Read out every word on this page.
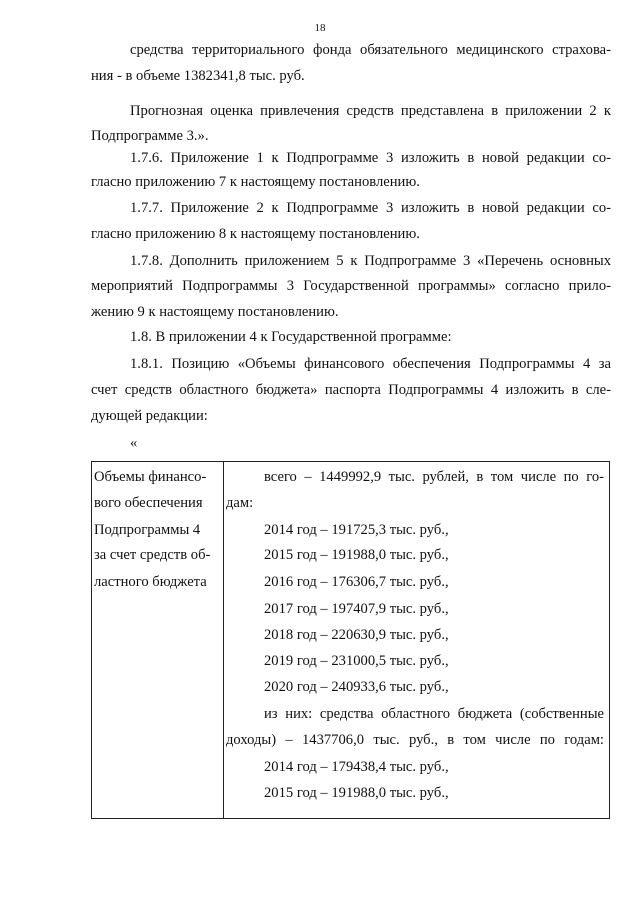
18
средства территориального фонда обязательного медицинского страхова-
ния - в объеме 1382341,8 тыс. руб.
Прогнозная оценка привлечения средств представлена в приложении 2 к
Подпрограмме 3.».
1.7.6. Приложение 1 к Подпрограмме 3 изложить в новой редакции со-
гласно приложению 7 к настоящему постановлению.
1.7.7. Приложение 2 к Подпрограмме 3 изложить в новой редакции со-
гласно приложению 8 к настоящему постановлению.
1.7.8. Дополнить приложением 5 к Подпрограмме 3 «Перечень основных
мероприятий Подпрограммы 3 Государственной программы» согласно прило-
жению 9 к настоящему постановлению.
1.8. В приложении 4 к Государственной программе:
1.8.1. Позицию «Объемы финансового обеспечения Подпрограммы 4 за
счет средств областного бюджета» паспорта Подпрограммы 4 изложить в сле-
дующей редакции:
«
Объемы финансо-
вого обеспечения
Подпрограммы 4
за счет средств об-
ластного бюджета
всего – 1449992,9 тыс. рублей, в том числе по го-
дам:
2014 год – 191725,3 тыс. руб.,
2015 год – 191988,0 тыс. руб.,
2016 год – 176306,7 тыс. руб.,
2017 год – 197407,9 тыс. руб.,
2018 год – 220630,9 тыс. руб.,
2019 год – 231000,5 тыс. руб.,
2020 год – 240933,6 тыс. руб.,
из них: средства областного бюджета (собственные
доходы) – 1437706,0 тыс. руб., в том числе по годам:
2014 год – 179438,4 тыс. руб.,
2015 год – 191988,0 тыс. руб.,
